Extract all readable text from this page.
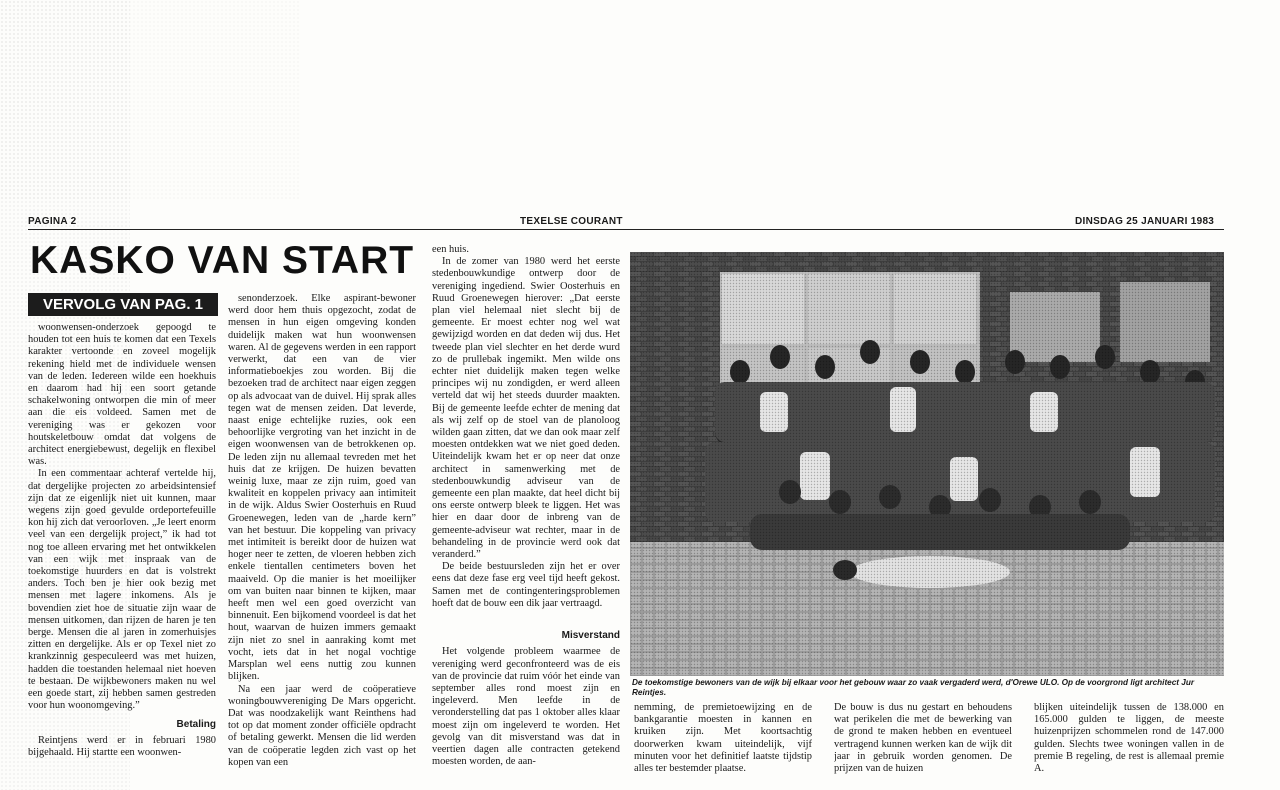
PAGINA 2	TEXELSE COURANT	DINSDAG 25 JANUARI 1983
KASKO VAN START
VERVOLG VAN PAG. 1

woonwensen-onderzoek gepoogd te houden tot een huis te komen dat een Texels karakter vertoonde en zoveel mogelijk rekening hield met de individuele wensen van de leden. Iedereen wilde een hoekhuis en daarom had hij een soort getande schakelwoning ontworpen die min of meer aan die eis voldeed. Samen met de vereniging was er gekozen voor houtskeletbouw omdat dat volgens de architect energiebewust, degelijk en flexibel was.

In een commentaar achteraf vertelde hij, dat dergelijke projecten zo arbeidsintensief zijn dat ze eigenlijk niet uit kunnen, maar wegens zijn goed gevulde ordeportefeuille kon hij zich dat veroorloven. „Je leert enorm veel van een dergelijk project,” ik had tot nog toe alleen ervaring met het ontwikkelen van een wijk met inspraak van de toekomstige huurders en dat is volstrekt anders. Toch ben je hier ook bezig met mensen met lagere inkomens. Als je bovendien ziet hoe de situatie zijn waar de mensen uitkomen, dan rijzen de haren je ten berge. Mensen die al jaren in zomerhuisjes zitten en dergelijke. Als er op Texel niet zo krankzinnig gespeculeerd was met huizen, hadden die toestanden helemaal niet hoeven te bestaan. De wijkbewoners maken nu wel een goede start, zij hebben samen gestreden voor hun woonomgeving.”

Betaling

Reintjens werd er in februari 1980 bijgehaald. Hij startte een woonwen-

senonderzoek. Elke aspirant-bewoner werd door hem thuis opgezocht, zodat de mensen in hun eigen omgeving konden duidelijk maken wat hun woonwensen waren. Al de gegevens werden in een rapport verwerkt, dat een van de vier informatieboekjes zou worden. Bij die bezoeken trad de architect naar eigen zeggen op als advocaat van de duivel. Hij sprak alles tegen wat de mensen zeiden. Dat leverde, naast enige echtelijke ruzies, ook een behoorlijke vergroting van het inzicht in de eigen woonwensen van de betrokkenen op. De leden zijn nu allemaal tevreden met het huis dat ze krijgen. De huizen bevatten weinig luxe, maar ze zijn ruim, goed van kwaliteit en koppelen privacy aan intimiteit in de wijk. Aldus Swier Oosterhuis en Ruud Groenewegen, leden van de „harde kern” van het bestuur. Die koppeling van privacy met intimiteit is bereikt door de huizen wat hoger neer te zetten, de vloeren hebben zich enkele tientallen centimeters boven het maaiveld. Op die manier is het moeilijker om van buiten naar binnen te kijken, maar heeft men wel een goed overzicht van binnenuit. Een bijkomend voordeel is dat het hout, waarvan de huizen immers gemaakt zijn niet zo snel in aanraking komt met vocht, iets dat in het nogal vochtige Marsplan wel eens nuttig zou kunnen blijken.

Na een jaar werd de coöperatieve woningbouwvereniging De Mars opgericht. Dat was noodzakelijk want Reinthens had tot op dat moment zonder officiële opdracht of betaling gewerkt. Mensen die lid werden van de coöperatie legden zich vast op het kopen van een

een huis.

In de zomer van 1980 werd het eerste stedenbouwkundige ontwerp door de vereniging ingediend. Swier Oosterhuis en Ruud Groenewegen hierover: „Dat eerste plan viel helemaal niet slecht bij de gemeente. Er moest echter nog wel wat gewijzigd worden en dat deden wij dus. Het tweede plan viel slechter en het derde wurd zo de prullebak ingemikt. Men wilde ons echter niet duidelijk maken tegen welke principes wij nu zondigden, er werd alleen verteld dat wij het steeds duurder maakten. Bij de gemeente leefde echter de mening dat als wij zelf op de stoel van de planoloog wilden gaan zitten, dat we dan ook maar zelf moesten ontdekken wat we niet goed deden. Uiteindelijk kwam het er op neer dat onze architect in samenwerking met de stedenbouwkundig adviseur van de gemeente een plan maakte, dat heel dicht bij ons eerste ontwerp bleek te liggen. Het was hier en daar door de inbreng van de gemeente-adviseur wat rechter, maar in de behandeling in de provincie werd ook dat veranderd.”

De beide bestuursleden zijn het er over eens dat deze fase erg veel tijd heeft gekost. Samen met de contingenteringsproblemen hoeft dat de bouw een dik jaar vertraagd.

Misverstand

Het volgende probleem waarmee de vereniging werd geconfronteerd was de eis van de provincie dat ruim vóór het einde van september alles rond moest zijn en ingeleverd. Men leefde in de veronderstelling dat pas 1 oktober alles klaar moest zijn om ingeleverd te worden. Het gevolg van dit misverstand was dat in veertien dagen alle contracten getekend moesten worden, de aan-

De toekomstige bewoners van de wijk bij elkaar voor het gebouw waar zo vaak vergaderd werd, d'Orewe ULO. Op de voorgrond ligt architect Jur Reintjes.
nemming, de premietoewijzing en de bankgarantie moesten in kannen en kruiken zijn. Met koortsachtig doorwerken kwam uiteindelijk, vijf minuten voor het definitief laatste tijdstip alles ter bestemder plaatse.
De bouw is dus nu gestart en behoudens wat perikelen die met de bewerking van de grond te maken hebben en eventueel vertragend kunnen werken kan de wijk dit jaar in gebruik worden genomen. De prijzen van de huizen
blijken uiteindelijk tussen de 138.000 en 165.000 gulden te liggen, de meeste huizenprijzen schommelen rond de 147.000 gulden. Slechts twee woningen vallen in de premie B regeling, de rest is allemaal premie A.
